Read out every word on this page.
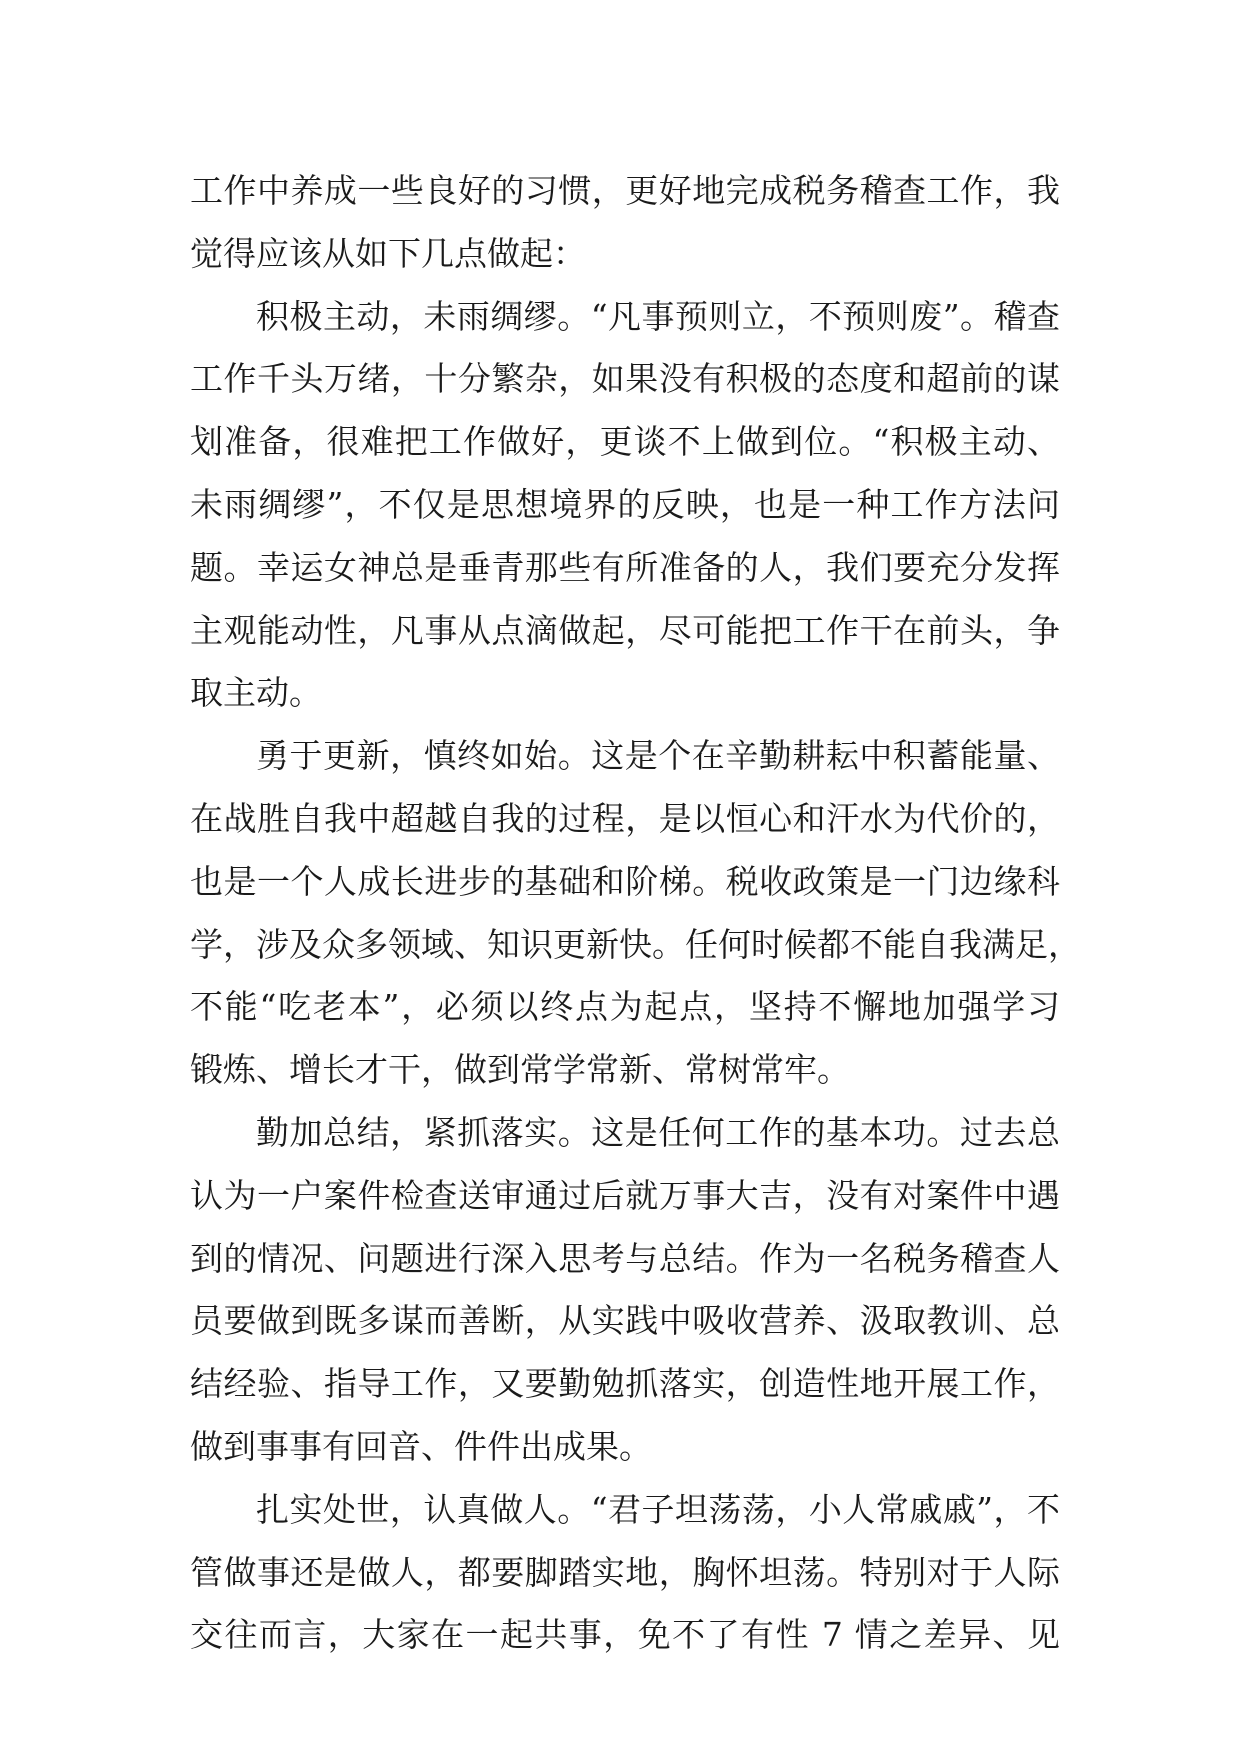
工作中养成一些良好的习惯，更好地完成税务稽查工作，我
觉得应该从如下几点做起：
积极主动，未雨绸缪。“凡事预则立，不预则废”。稽查
工作千头万绪，十分繁杂，如果没有积极的态度和超前的谋
划准备，很难把工作做好，更谈不上做到位。“积极主动、
未雨绸缪”，不仅是思想境界的反映，也是一种工作方法问
题。幸运女神总是垂青那些有所准备的人，我们要充分发挥
主观能动性，凡事从点滴做起，尽可能把工作干在前头，争
取主动。
勇于更新，慎终如始。这是个在辛勤耕耘中积蓄能量、
在战胜自我中超越自我的过程，是以恒心和汗水为代价的，
也是一个人成长进步的基础和阶梯。税收政策是一门边缘科
学，涉及众多领域、知识更新快。任何时候都不能自我满足，
不能“吃老本”，必须以终点为起点，坚持不懈地加强学习
锻炼、增长才干，做到常学常新、常树常牢。
勤加总结，紧抓落实。这是任何工作的基本功。过去总
认为一户案件检查送审通过后就万事大吉，没有对案件中遇
到的情况、问题进行深入思考与总结。作为一名税务稽查人
员要做到既多谋而善断，从实践中吸收营养、汲取教训、总
结经验、指导工作，又要勤勉抓落实，创造性地开展工作，
做到事事有回音、件件出成果。
扎实处世，认真做人。“君子坦荡荡，小人常戚戚”，不
管做事还是做人，都要脚踏实地，胸怀坦荡。特别对于人际
交往而言，大家在一起共事，免不了有性 7 情之差异、见
